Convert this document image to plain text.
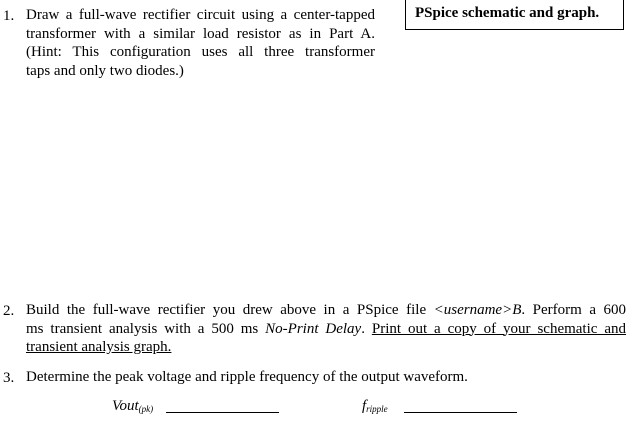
PSpice schematic and graph.
1. Draw a full-wave rectifier circuit using a center-tapped
transformer with a similar load resistor as in Part A.
(Hint: This configuration uses all three transformer
taps and only two diodes.)
2. Build the full-wave rectifier you drew above in a PSpice file <username>B. Perform a 600
ms transient analysis with a 500 ms No-Print Delay. Print out a copy of your schematic and
transient analysis graph.
3. Determine the peak voltage and ripple frequency of the output waveform.
Vout$_{(pk)}$	$f_{ripple}$
